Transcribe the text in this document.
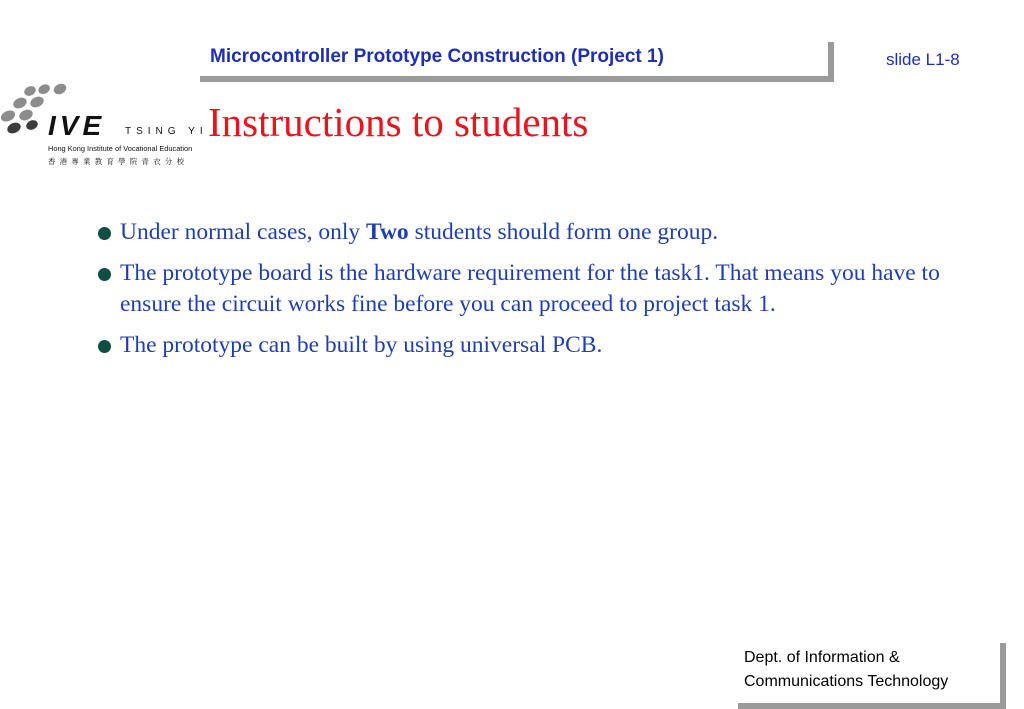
Microcontroller Prototype Construction (Project 1)	slide L1-8
IVE TSING YI
Hong Kong Institute of Vocational Education
香港專業教育學院青衣分校
Instructions to students
Under normal cases, only Two students should form one group.
The prototype board is the hardware requirement for the task1. That means you have to ensure the circuit works fine before you can proceed to project task 1.
The prototype can be built by using universal PCB.
Dept. of Information &
Communications Technology
